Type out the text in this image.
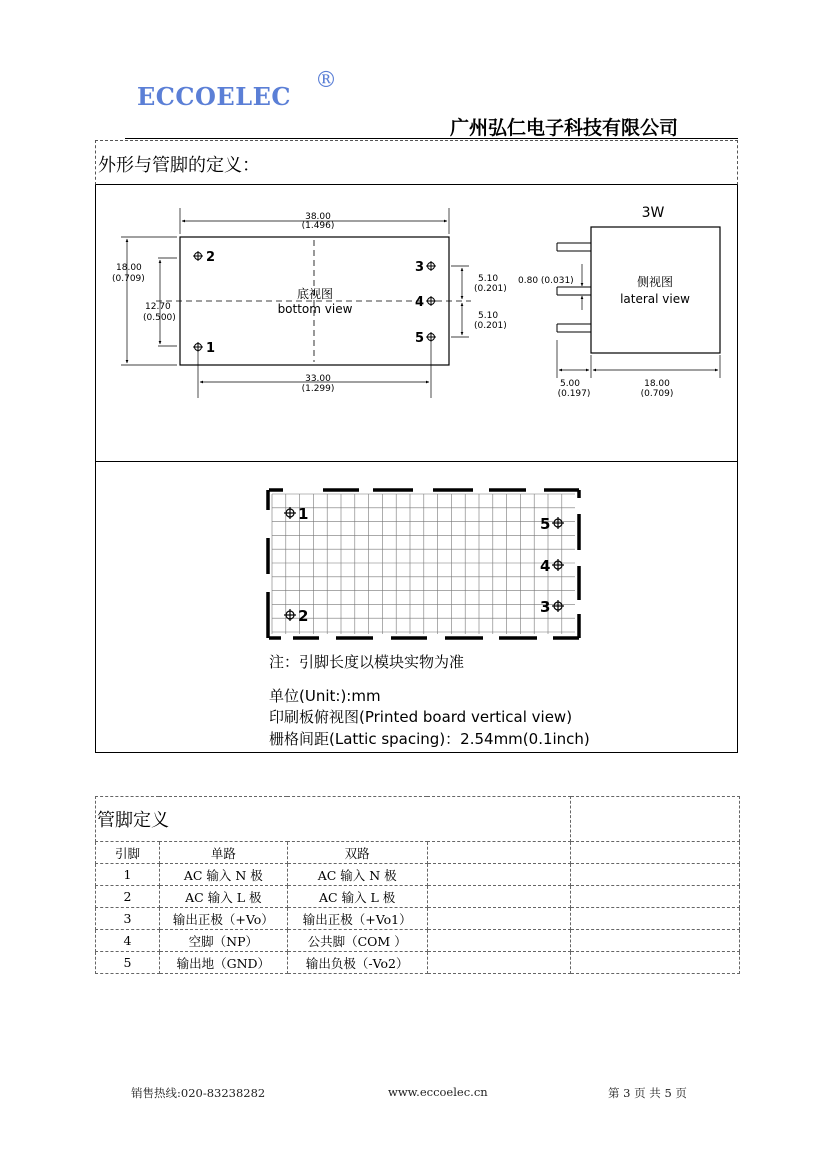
ECCOELEC
®
广州弘仁电子科技有限公司
外形与管脚的定义：
38.00
(1.496)
18.00
(0.709)
12.70
(0.500)
底视图
bottom view
2
1
3
4
5
5.10
(0.201)
5.10
(0.201)
33.00
(1.299)
3W
侧视图
lateral view
0.80 (0.031)
5.00
(0.197)
18.00
(0.709)
1
2
5
4
3
注：引脚长度以模块实物为准
单位(Unit:):mm
印刷板俯视图(Printed board vertical view)
栅格间距(Lattic spacing)：2.54mm(0.1inch)
管脚定义				
引脚	单路	双路		
1	AC 输入 N 极	AC 输入 N 极		
2	AC 输入 L 极	AC 输入 L 极		
3	输出正极（+Vo）	输出正极（+Vo1）		
4	空脚（NP）	公共脚（COM ）		
5	输出地（GND）	输出负极（-Vo2）		
销售热线:020-83238282	www.eccoelec.cn	第 3 页 共 5 页
